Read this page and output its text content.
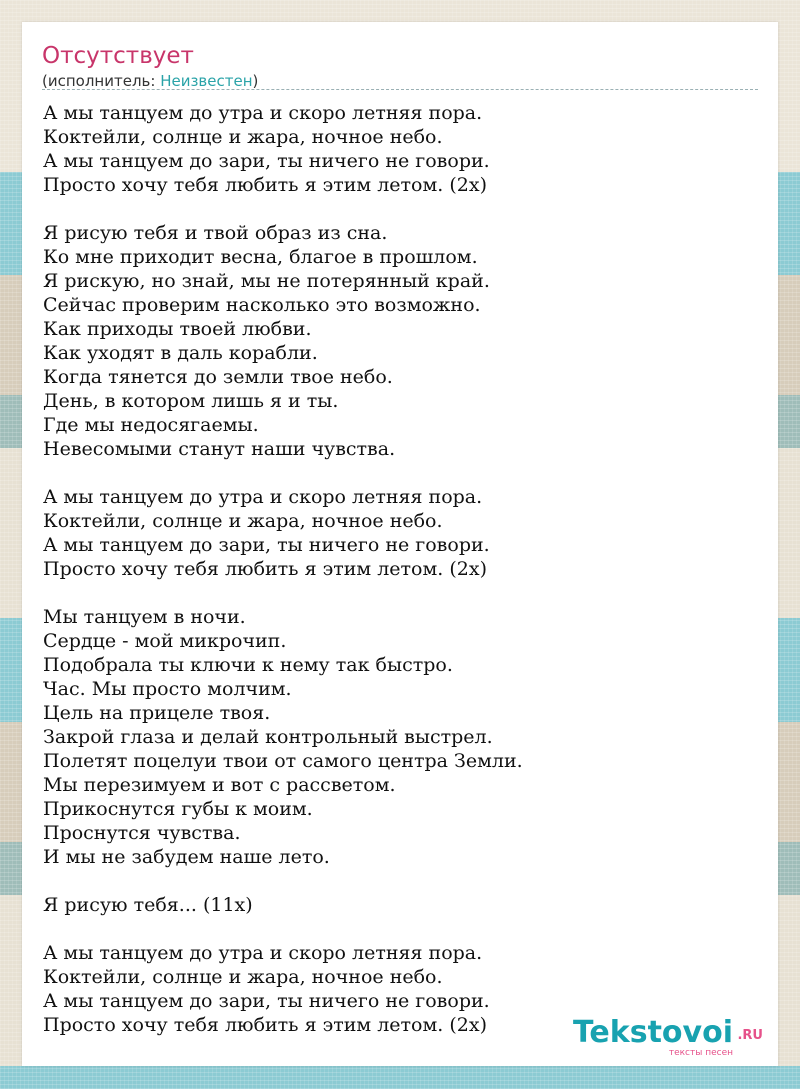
Отсутствует
(исполнитель: Неизвестен)
А мы танцуем до утра и скоро летняя пора.
Коктейли, солнце и жара, ночное небо.
А мы танцуем до зари, ты ничего не говори.
Просто хочу тебя любить я этим летом. (2x)
Я рисую тебя и твой образ из сна.
Ко мне приходит весна, благое в прошлом.
Я рискую, но знай, мы не потерянный край.
Сейчас проверим насколько это возможно.
Как приходы твоей любви.
Как уходят в даль корабли.
Когда тянется до земли твое небо.
День, в котором лишь я и ты.
Где мы недосягаемы.
Невесомыми станут наши чувства.
А мы танцуем до утра и скоро летняя пора.
Коктейли, солнце и жара, ночное небо.
А мы танцуем до зари, ты ничего не говори.
Просто хочу тебя любить я этим летом. (2x)
Мы танцуем в ночи.
Сердце - мой микрочип.
Подобрала ты ключи к нему так быстро.
Час. Мы просто молчим.
Цель на прицеле твоя.
Закрой глаза и делай контрольный выстрел.
Полетят поцелуи твои от самого центра Земли.
Мы перезимуем и вот с рассветом.
Прикоснутся губы к моим.
Проснутся чувства.
И мы не забудем наше лето.
Я рисую тебя... (11x)
А мы танцуем до утра и скоро летняя пора.
Коктейли, солнце и жара, ночное небо.
А мы танцуем до зари, ты ничего не говори.
Просто хочу тебя любить я этим летом. (2x)	Tekstovoi .RU
тексты песен
